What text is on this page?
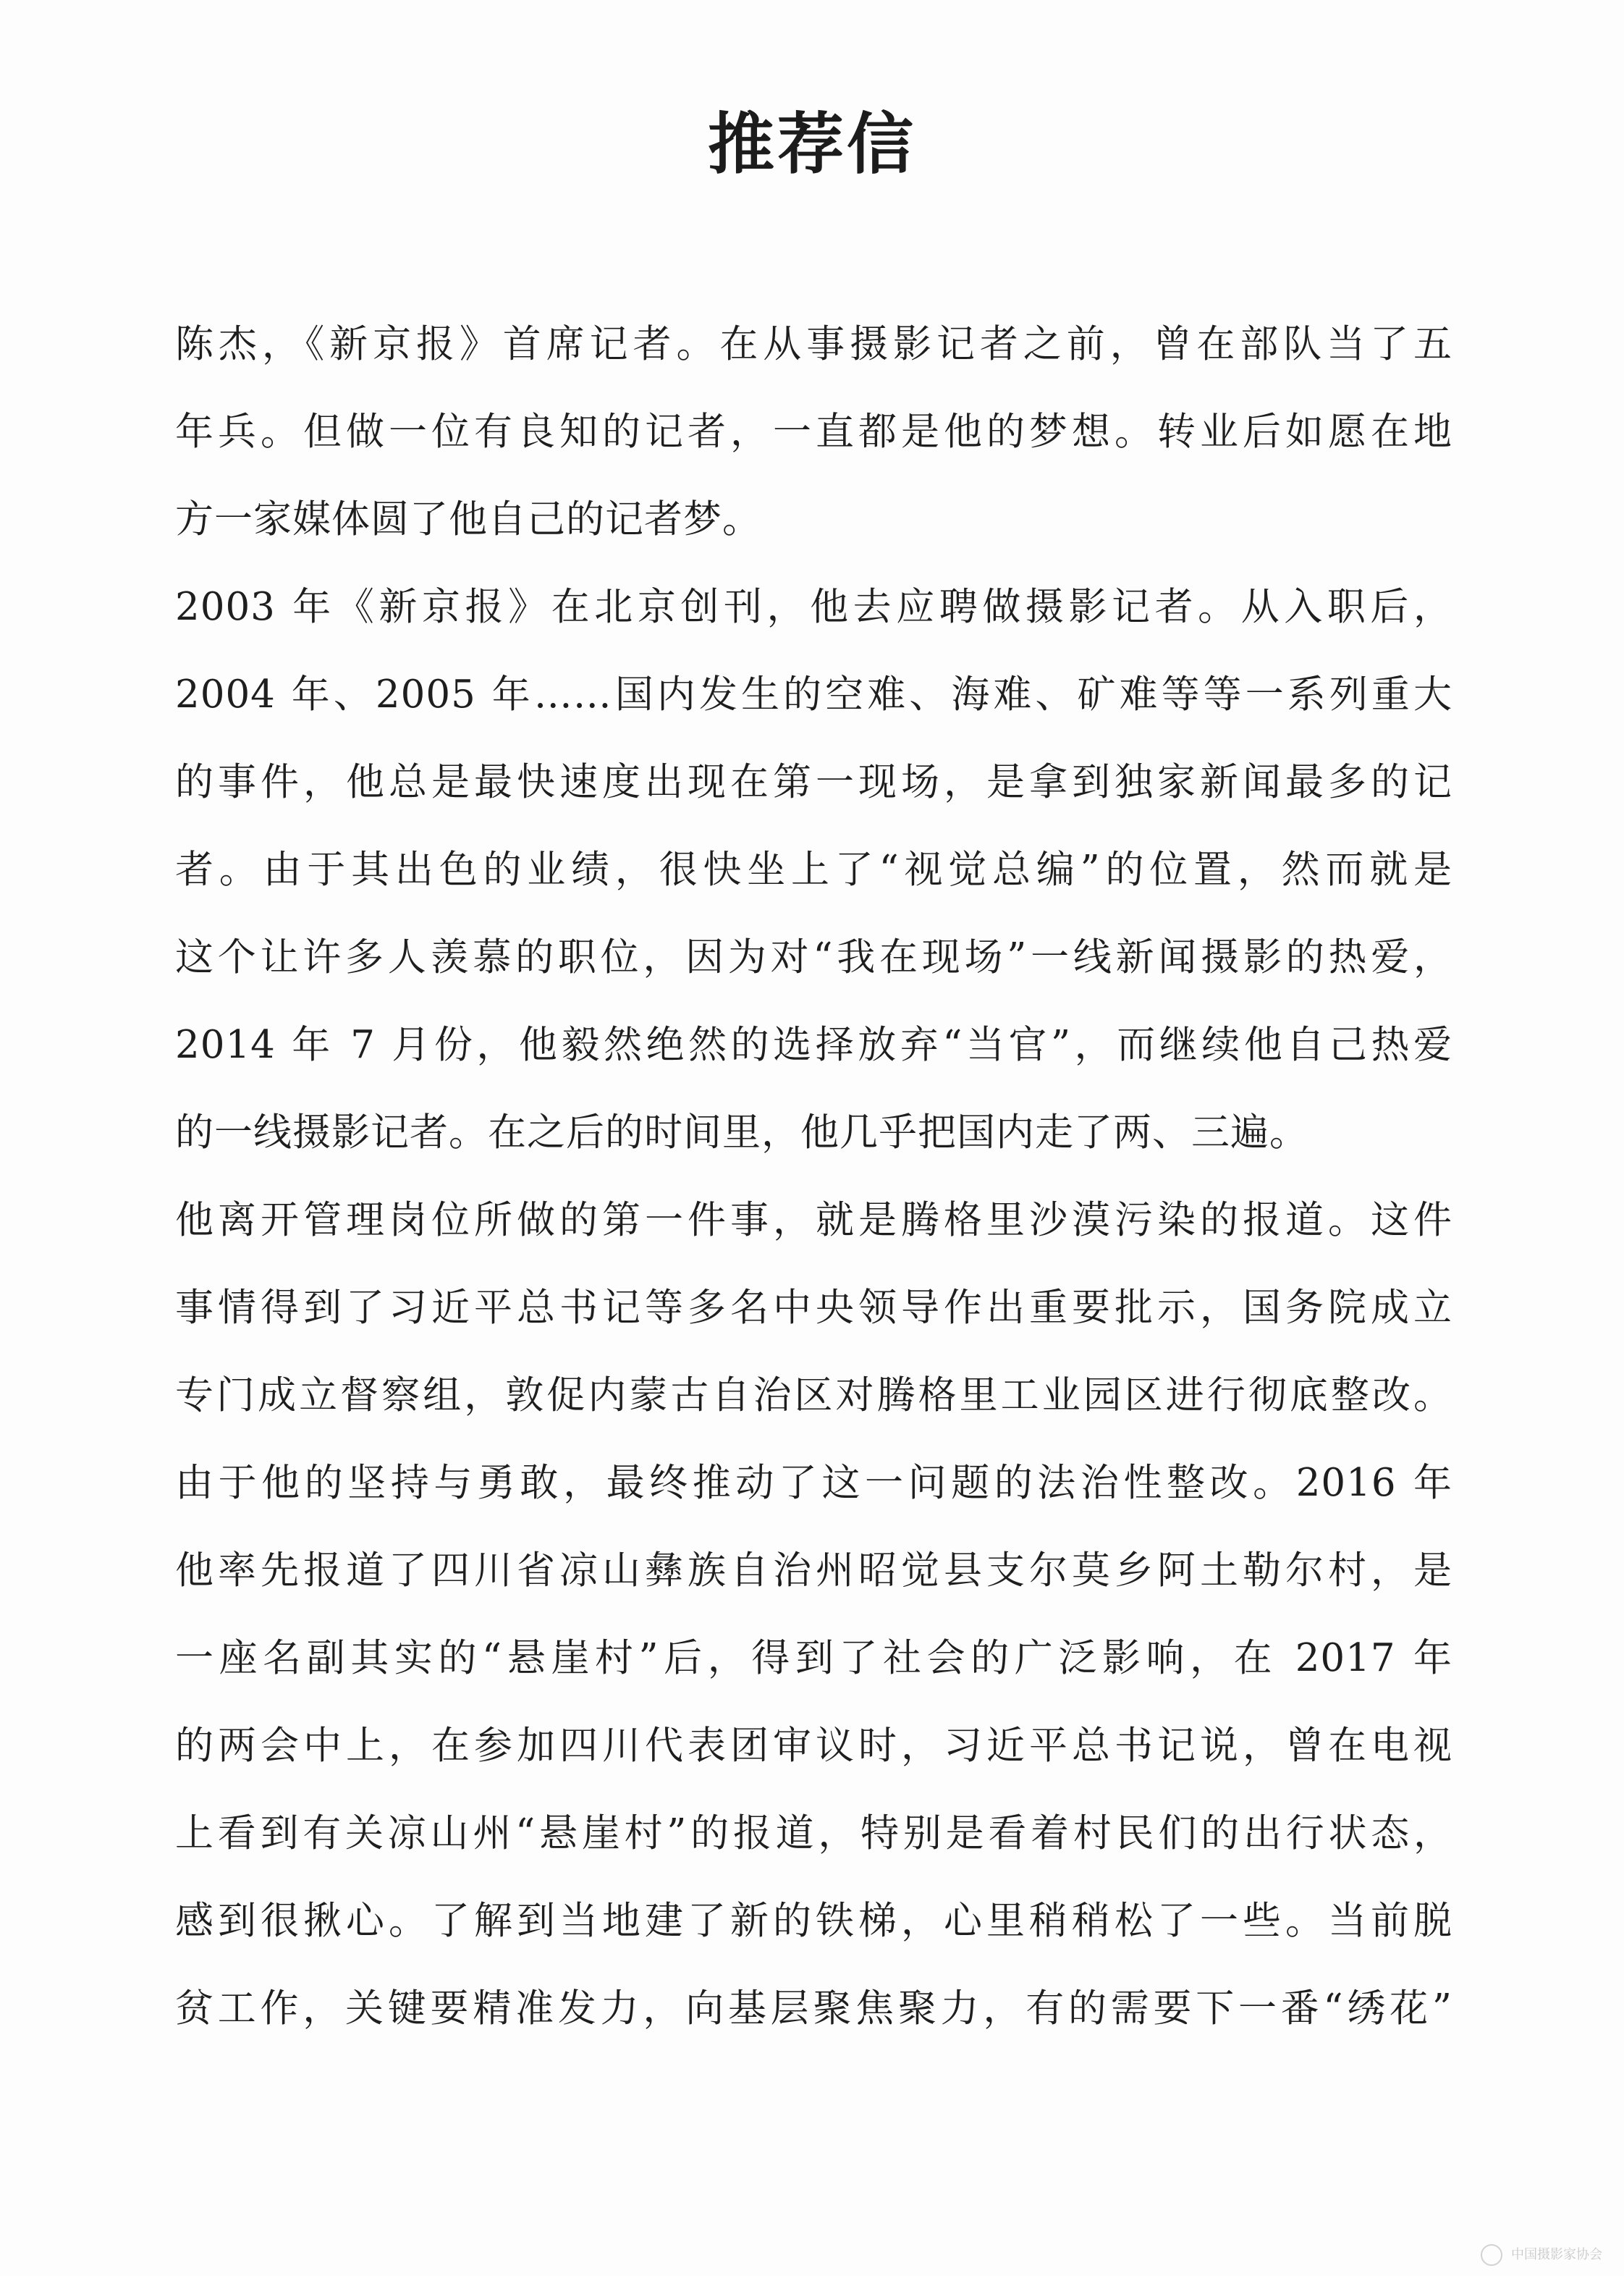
推荐信
陈杰，《新京报》首席记者。在从事摄影记者之前，曾在部队当了五
年兵。但做一位有良知的记者，一直都是他的梦想。转业后如愿在地
方一家媒体圆了他自己的记者梦。
2003 年《新京报》在北京创刊，他去应聘做摄影记者。从入职后，
2004 年、2005 年……国内发生的空难、海难、矿难等等一系列重大
的事件，他总是最快速度出现在第一现场，是拿到独家新闻最多的记
者。由于其出色的业绩，很快坐上了“视觉总编”的位置，然而就是
这个让许多人羡慕的职位，因为对“我在现场”一线新闻摄影的热爱，
2014 年 7 月份，他毅然绝然的选择放弃“当官”，而继续他自己热爱
的一线摄影记者。在之后的时间里，他几乎把国内走了两、三遍。
他离开管理岗位所做的第一件事，就是腾格里沙漠污染的报道。这件
事情得到了习近平总书记等多名中央领导作出重要批示，国务院成立
专门成立督察组，敦促内蒙古自治区对腾格里工业园区进行彻底整改。
由于他的坚持与勇敢，最终推动了这一问题的法治性整改。2016 年
他率先报道了四川省凉山彝族自治州昭觉县支尔莫乡阿土勒尔村，是
一座名副其实的“悬崖村”后，得到了社会的广泛影响，在 2017 年
的两会中上，在参加四川代表团审议时，习近平总书记说，曾在电视
上看到有关凉山州“悬崖村”的报道，特别是看着村民们的出行状态，
感到很揪心。了解到当地建了新的铁梯，心里稍稍松了一些。当前脱
贫工作，关键要精准发力，向基层聚焦聚力，有的需要下一番“绣花”
中国摄影家协会
